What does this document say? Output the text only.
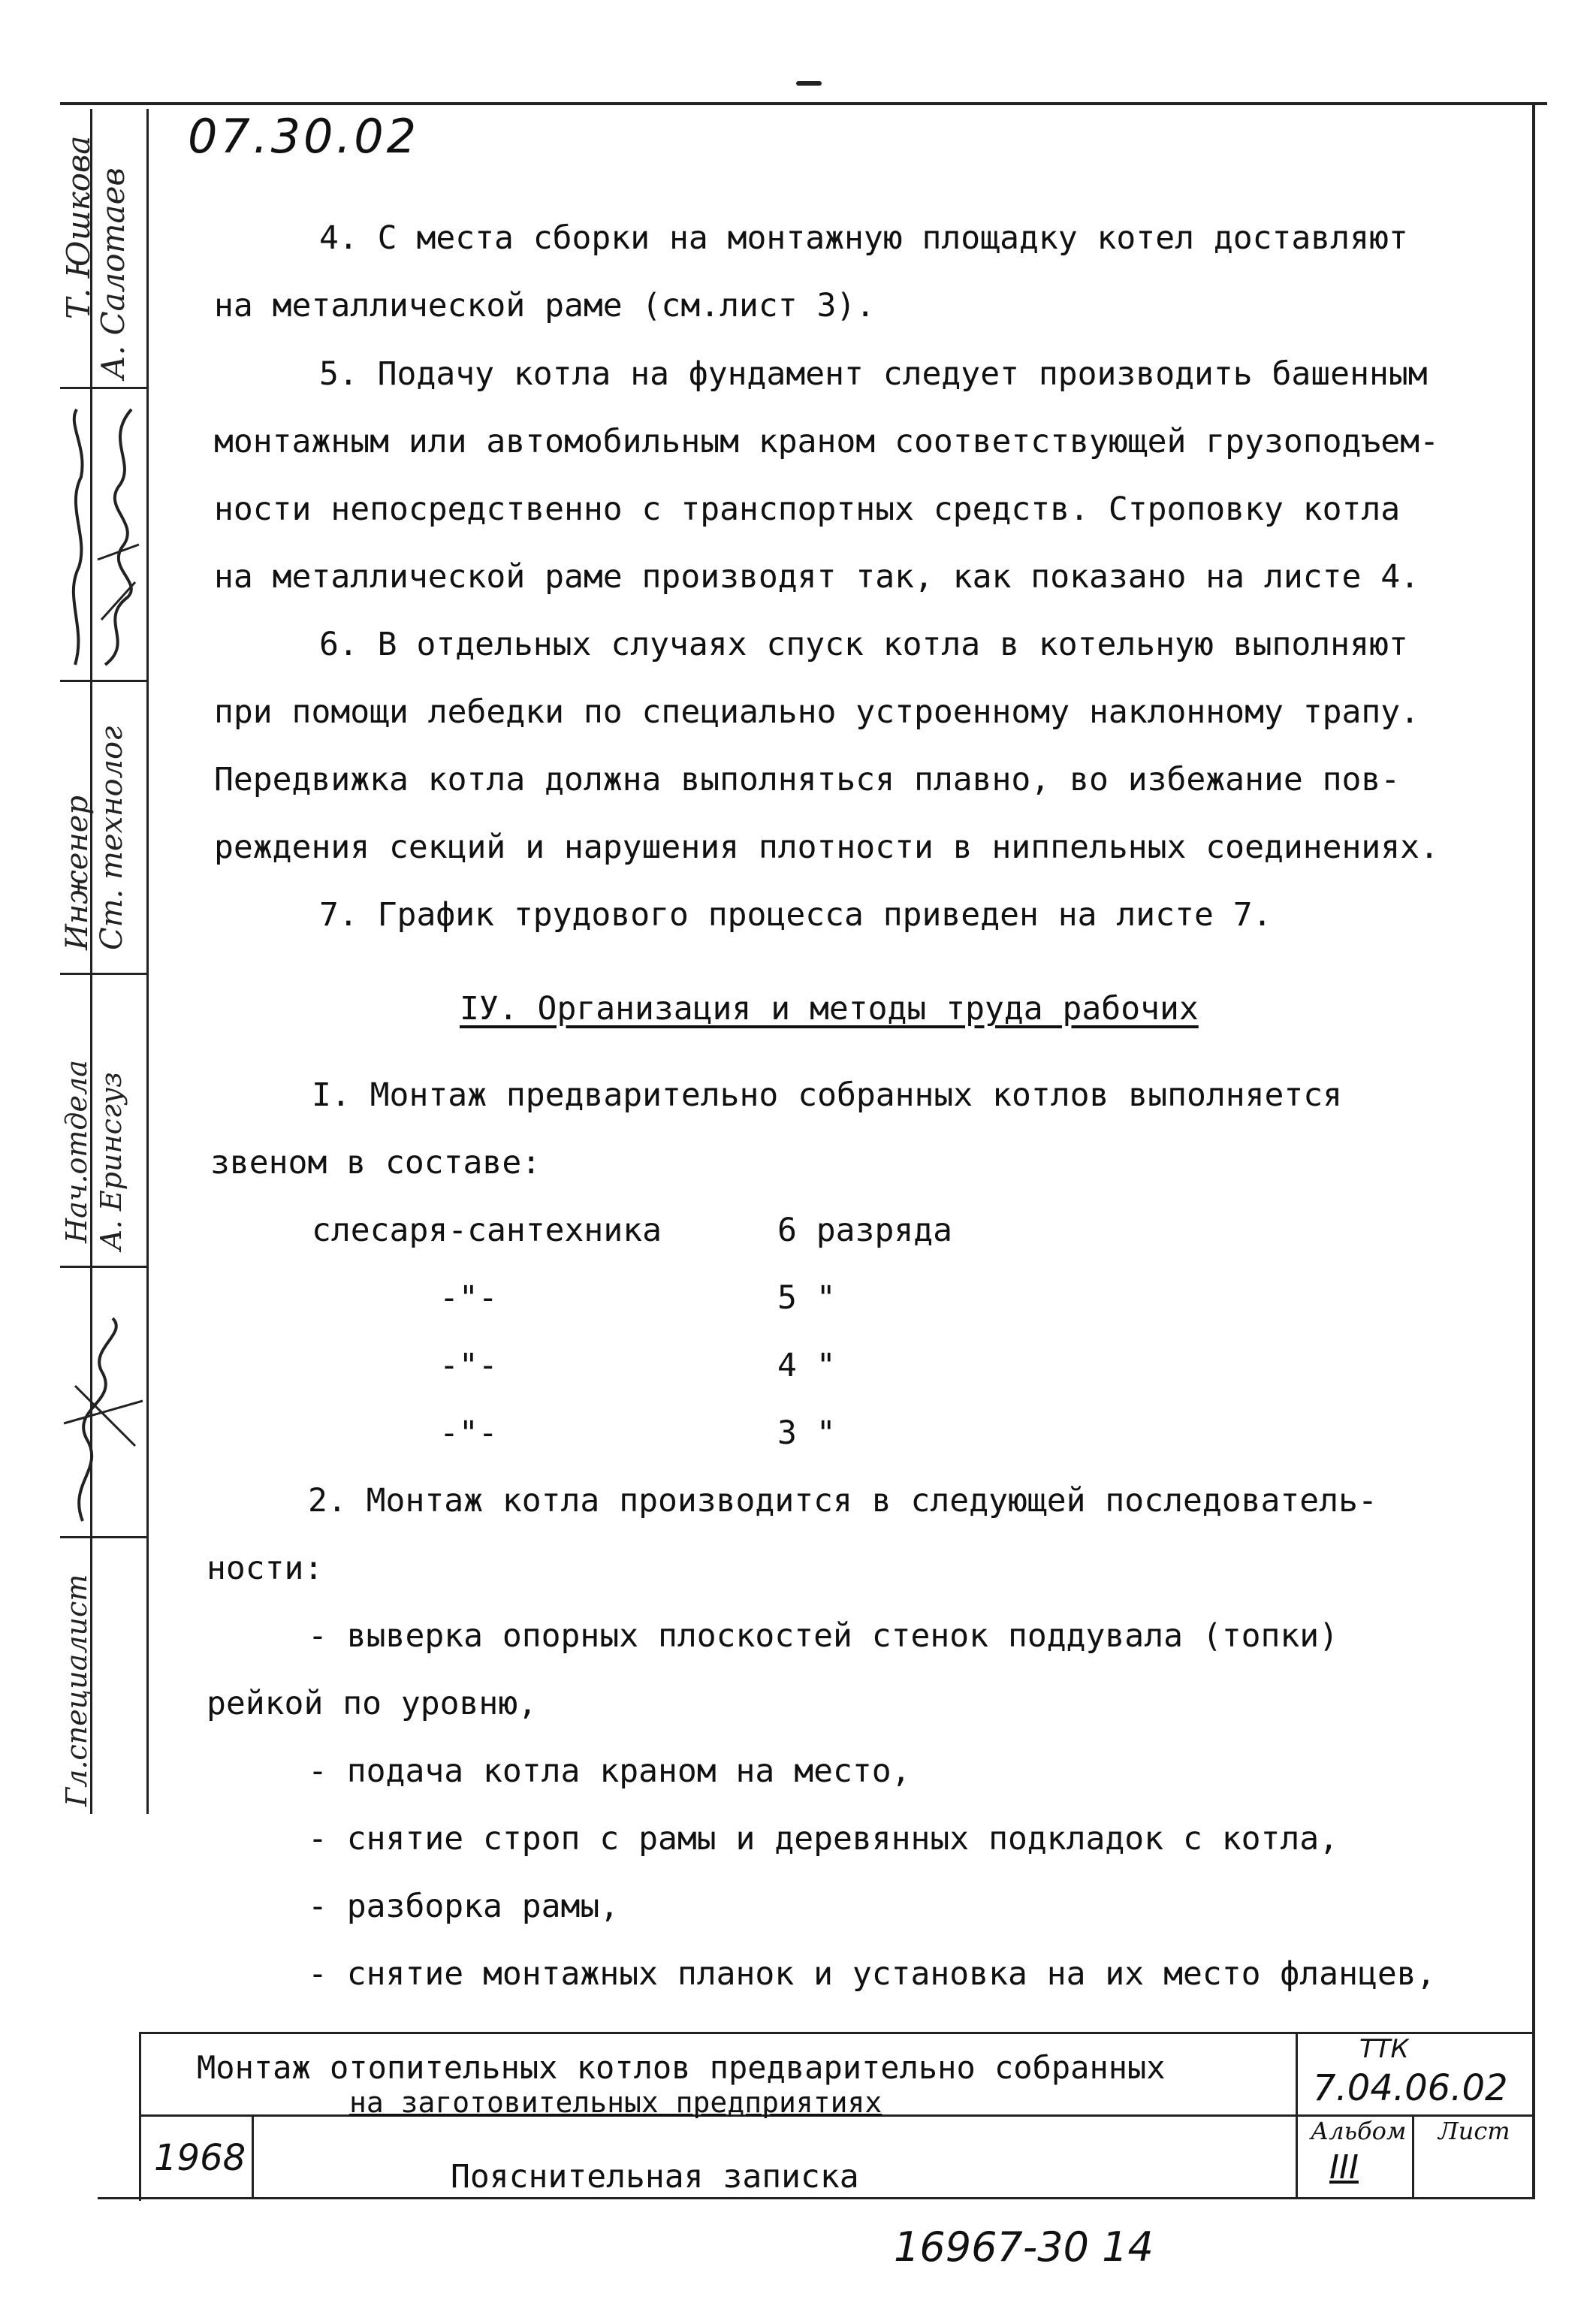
Гл.специалист
Нач.отдела
Инженер Ст. технолог
А. Салотаев
Т. Юшкова
А. Еринсгуз
07.30.02
4. С места сборки на монтажную площадку котел доставляют
на металлической раме (см.лист 3).
5. Подачу котла на фундамент следует производить башенным
монтажным или автомобильным краном соответствующей грузоподъем-
ности непосредственно с транспортных средств. Строповку котла
на металлической раме производят так, как показано на листе 4.
6. В отдельных случаях спуск котла в котельную выполняют
при помощи лебедки по специально устроенному наклонному трапу.
Передвижка котла должна выполняться плавно, во избежание пов-
реждения секций и нарушения плотности в ниппельных соединениях.
7. График трудового процесса приведен на листе 7.
IУ. Организация и методы труда рабочих
I. Монтаж предварительно собранных котлов выполняется
звеном в составе:
слесаря-сантехника	6 разряда
-"-	5 "
-"-	4 "
-"-	3 "
2. Монтаж котла производится в следующей последователь-
ности:
- выверка опорных плоскостей стенок поддувала (топки)
рейкой по уровню,
- подача котла краном на место,
- снятие строп с рамы и деревянных подкладок с котла,
- разборка рамы,
- снятие монтажных планок и установка на их место фланцев,
Монтаж отопительных котлов предварительно собранных
на заготовительных предприятиях
ТТК
7.04.06.02
1968	Пояснительная записка
Альбом
III
Лист
16967-30 14
